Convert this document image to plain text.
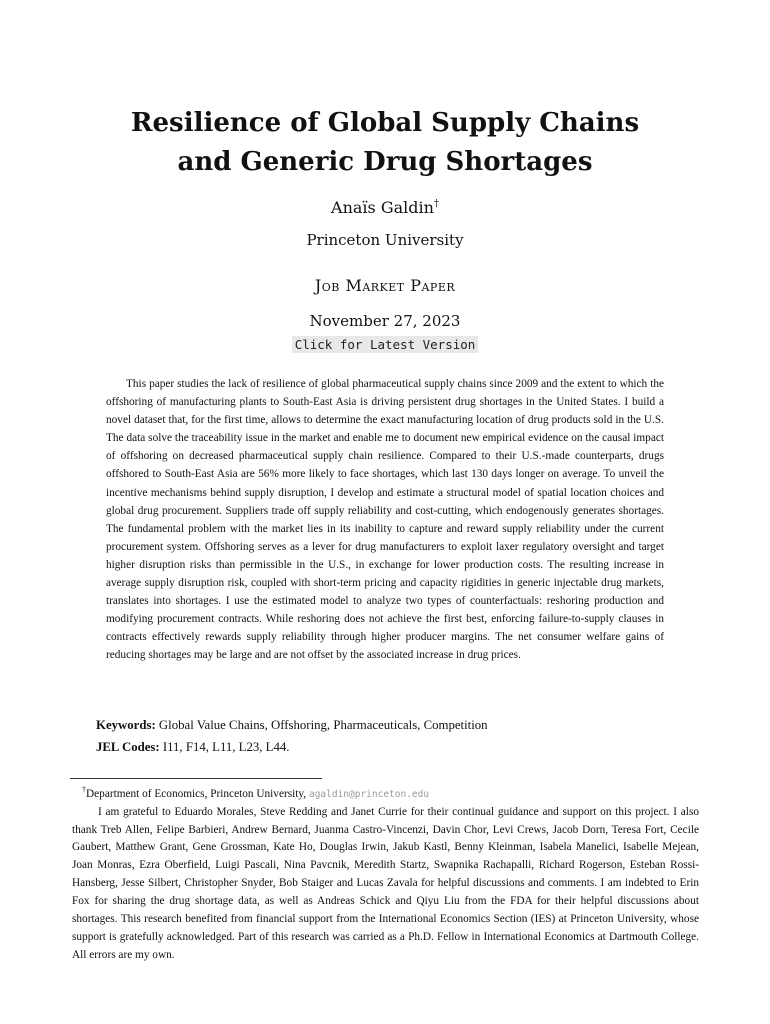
Resilience of Global Supply Chains
and Generic Drug Shortages
Anaïs Galdin†
Princeton University
Job Market Paper
November 27, 2023
Click for Latest Version

This paper studies the lack of resilience of global pharmaceutical supply chains since 2009 and the extent to which the offshoring of manufacturing plants to South-East Asia is driving persistent drug shortages in the United States. I build a novel dataset that, for the first time, allows to determine the exact manufacturing location of drug products sold in the U.S. The data solve the traceability issue in the market and enable me to document new empirical evidence on the causal impact of offshoring on decreased pharmaceutical supply chain resilience. Compared to their U.S.-made counterparts, drugs offshored to South-East Asia are 56% more likely to face shortages, which last 130 days longer on average. To unveil the incentive mechanisms behind supply disruption, I develop and estimate a structural model of spatial location choices and global drug procurement. Suppliers trade off supply reliability and cost-cutting, which endogenously generates shortages. The fundamental problem with the market lies in its inability to capture and reward supply reliability under the current procurement system. Offshoring serves as a lever for drug manufacturers to exploit laxer regulatory oversight and target higher disruption risks than permissible in the U.S., in exchange for lower production costs. The resulting increase in average supply disruption risk, coupled with short-term pricing and capacity rigidities in generic injectable drug markets, translates into shortages. I use the estimated model to analyze two types of counterfactuals: reshoring production and modifying procurement contracts. While reshoring does not achieve the first best, enforcing failure-to-supply clauses in contracts effectively rewards supply reliability through higher producer margins. The net consumer welfare gains of reducing shortages may be large and are not offset by the associated increase in drug prices.

Keywords: Global Value Chains, Offshoring, Pharmaceuticals, Competition
JEL Codes: I11, F14, L11, L23, L44.

†Department of Economics, Princeton University, agaldin@princeton.edu

I am grateful to Eduardo Morales, Steve Redding and Janet Currie for their continual guidance and support on this project. I also thank Treb Allen, Felipe Barbieri, Andrew Bernard, Juanma Castro-Vincenzi, Davin Chor, Levi Crews, Jacob Dorn, Teresa Fort, Cecile Gaubert, Matthew Grant, Gene Grossman, Kate Ho, Douglas Irwin, Jakub Kastl, Benny Kleinman, Isabela Manelici, Isabelle Mejean, Joan Monras, Ezra Oberfield, Luigi Pascali, Nina Pavcnik, Meredith Startz, Swapnika Rachapalli, Richard Rogerson, Esteban Rossi-Hansberg, Jesse Silbert, Christopher Snyder, Bob Staiger and Lucas Zavala for helpful discussions and comments. I am indebted to Erin Fox for sharing the drug shortage data, as well as Andreas Schick and Qiyu Liu from the FDA for their helpful discussions about shortages. This research benefited from financial support from the International Economics Section (IES) at Princeton University, whose support is gratefully acknowledged. Part of this research was carried as a Ph.D. Fellow in International Economics at Dartmouth College. All errors are my own.
